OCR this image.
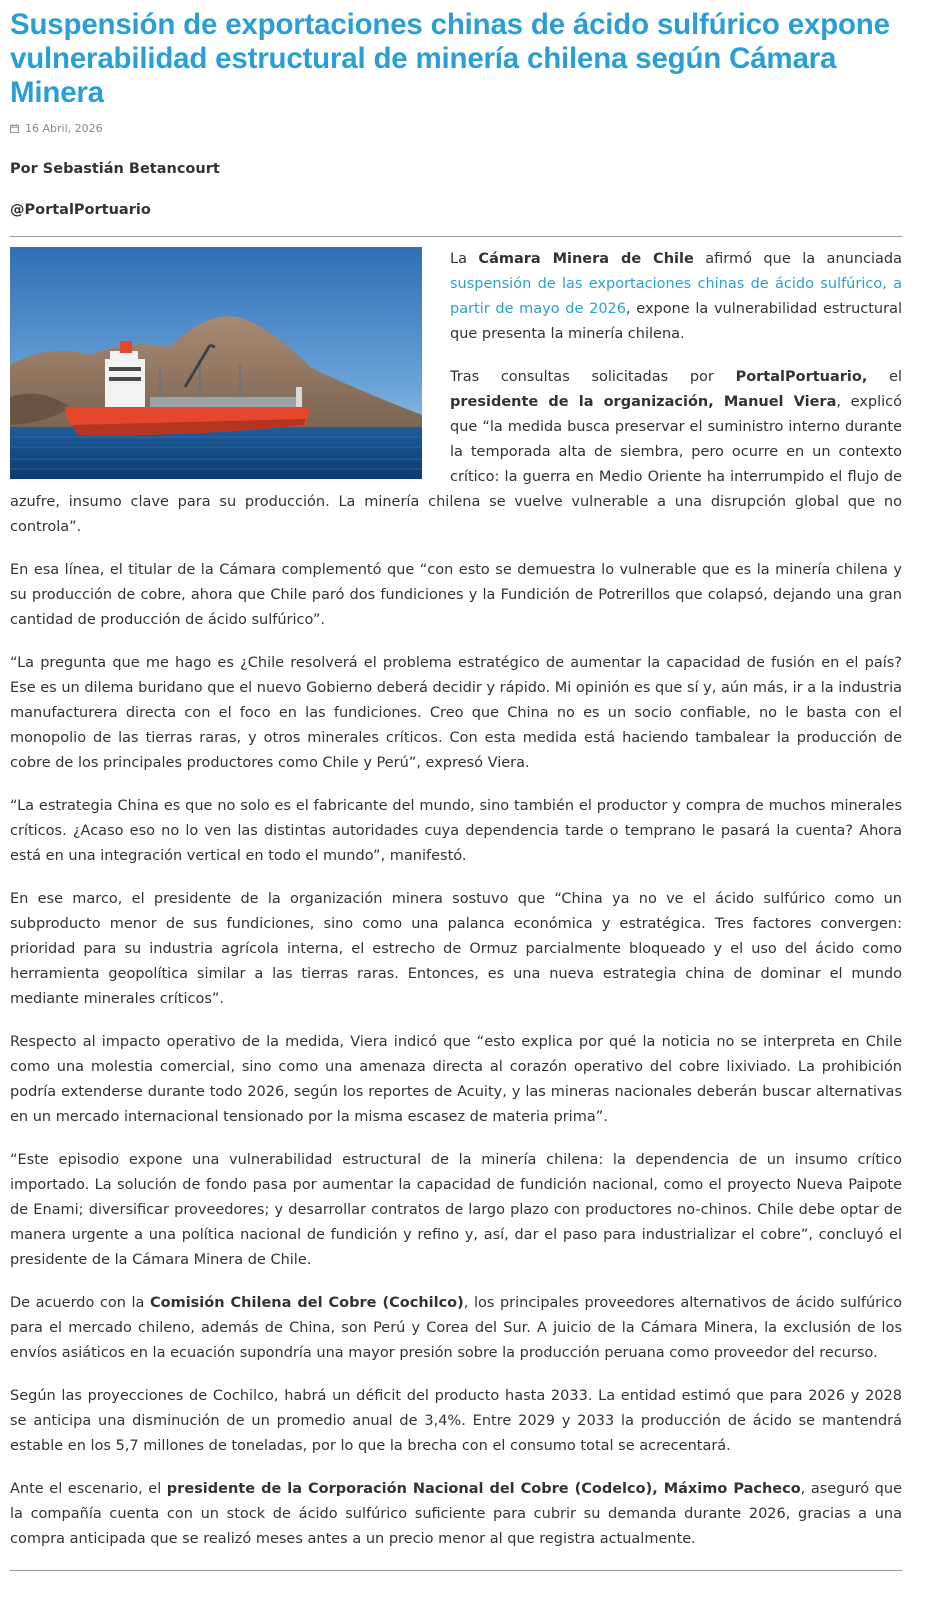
Suspensión de exportaciones chinas de ácido sulfúrico expone vulnerabilidad estructural de minería chilena según Cámara Minera
16 Abril, 2026
Por Sebastián Betancourt
@PortalPortuario

La Cámara Minera de Chile afirmó que la anunciada suspensión de las exportaciones chinas de ácido sulfúrico, a partir de mayo de 2026, expone la vulnerabilidad estructural que presenta la minería chilena.

Tras consultas solicitadas por PortalPortuario, el presidente de la organización, Manuel Viera, explicó que “la medida busca preservar el suministro interno durante la temporada alta de siembra, pero ocurre en un contexto crítico: la guerra en Medio Oriente ha interrumpido el flujo de azufre, insumo clave para su producción. La minería chilena se vuelve vulnerable a una disrupción global que no controla”.

En esa línea, el titular de la Cámara complementó que “con esto se demuestra lo vulnerable que es la minería chilena y su producción de cobre, ahora que Chile paró dos fundiciones y la Fundición de Potrerillos que colapsó, dejando una gran cantidad de producción de ácido sulfúrico”.

“La pregunta que me hago es ¿Chile resolverá el problema estratégico de aumentar la capacidad de fusión en el país? Ese es un dilema buridano que el nuevo Gobierno deberá decidir y rápido. Mi opinión es que sí y, aún más, ir a la industria manufacturera directa con el foco en las fundiciones. Creo que China no es un socio confiable, no le basta con el monopolio de las tierras raras, y otros minerales críticos. Con esta medida está haciendo tambalear la producción de cobre de los principales productores como Chile y Perú”, expresó Viera.

“La estrategia China es que no solo es el fabricante del mundo, sino también el productor y compra de muchos minerales críticos. ¿Acaso eso no lo ven las distintas autoridades cuya dependencia tarde o temprano le pasará la cuenta? Ahora está en una integración vertical en todo el mundo”, manifestó.

En ese marco, el presidente de la organización minera sostuvo que “China ya no ve el ácido sulfúrico como un subproducto menor de sus fundiciones, sino como una palanca económica y estratégica. Tres factores convergen: prioridad para su industria agrícola interna, el estrecho de Ormuz parcialmente bloqueado y el uso del ácido como herramienta geopolítica similar a las tierras raras. Entonces, es una nueva estrategia china de dominar el mundo mediante minerales críticos”.

Respecto al impacto operativo de la medida, Viera indicó que “esto explica por qué la noticia no se interpreta en Chile como una molestia comercial, sino como una amenaza directa al corazón operativo del cobre lixiviado. La prohibición podría extenderse durante todo 2026, según los reportes de Acuity, y las mineras nacionales deberán buscar alternativas en un mercado internacional tensionado por la misma escasez de materia prima”.

“Este episodio expone una vulnerabilidad estructural de la minería chilena: la dependencia de un insumo crítico importado. La solución de fondo pasa por aumentar la capacidad de fundición nacional, como el proyecto Nueva Paipote de Enami; diversificar proveedores; y desarrollar contratos de largo plazo con productores no-chinos. Chile debe optar de manera urgente a una política nacional de fundición y refino y, así, dar el paso para industrializar el cobre”, concluyó el presidente de la Cámara Minera de Chile.

De acuerdo con la Comisión Chilena del Cobre (Cochilco), los principales proveedores alternativos de ácido sulfúrico para el mercado chileno, además de China, son Perú y Corea del Sur. A juicio de la Cámara Minera, la exclusión de los envíos asiáticos en la ecuación supondría una mayor presión sobre la producción peruana como proveedor del recurso.

Según las proyecciones de Cochilco, habrá un déficit del producto hasta 2033. La entidad estimó que para 2026 y 2028 se anticipa una disminución de un promedio anual de 3,4%. Entre 2029 y 2033 la producción de ácido se mantendrá estable en los 5,7 millones de toneladas, por lo que la brecha con el consumo total se acrecentará.

Ante el escenario, el presidente de la Corporación Nacional del Cobre (Codelco), Máximo Pacheco, aseguró que la compañía cuenta con un stock de ácido sulfúrico suficiente para cubrir su demanda durante 2026, gracias a una compra anticipada que se realizó meses antes a un precio menor al que registra actualmente.
